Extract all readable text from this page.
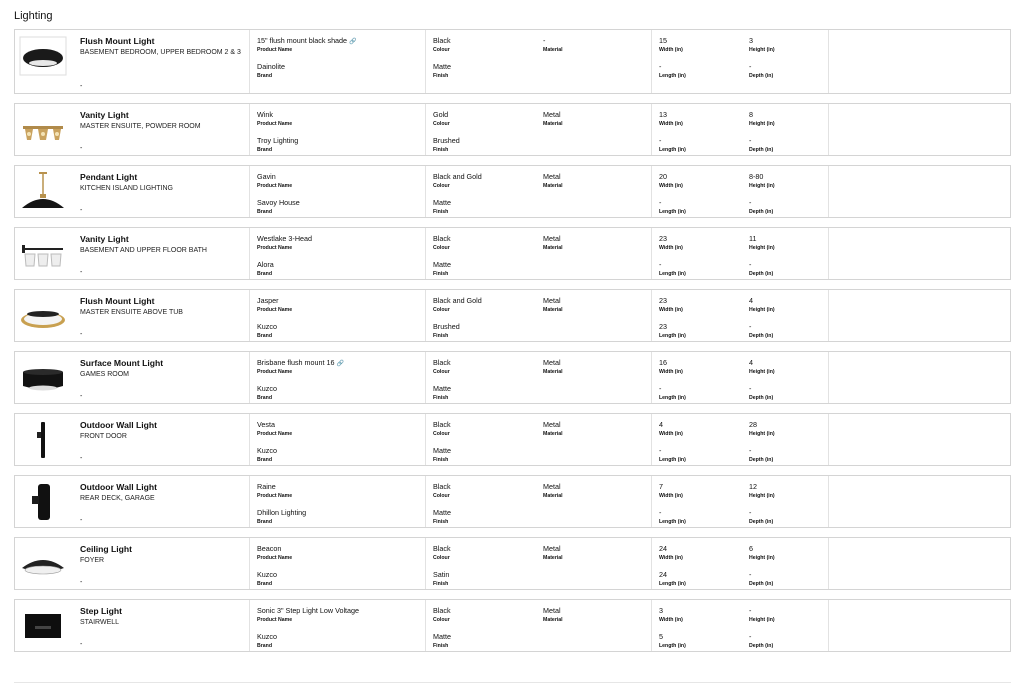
Lighting
Flush Mount Light
BASEMENT BEDROOM, UPPER BEDROOM 2 & 3
-
15" flush mount black shade 🔗
Product Name
Dainolite
Brand
Black
Colour
Matte
Finish
-
Material
15
Width (in)
-
Length (in)
3
Height (in)
-
Depth (in)
Vanity Light
MASTER ENSUITE, POWDER ROOM
-
Wink
Product Name
Troy Lighting
Brand
Gold
Colour
Brushed
Finish
Metal
Material
13
Width (in)
-
Length (in)
8
Height (in)
-
Depth (in)
Pendant Light
KITCHEN ISLAND LIGHTING
-
Gavin
Product Name
Savoy House
Brand
Black and Gold
Colour
Matte
Finish
Metal
Material
20
Width (in)
-
Length (in)
8-80
Height (in)
-
Depth (in)
Vanity Light
BASEMENT AND UPPER FLOOR BATH
-
Westlake 3-Head
Product Name
Alora
Brand
Black
Colour
Matte
Finish
Metal
Material
23
Width (in)
-
Length (in)
11
Height (in)
-
Depth (in)
Flush Mount Light
MASTER ENSUITE ABOVE TUB
-
Jasper
Product Name
Kuzco
Brand
Black and Gold
Colour
Brushed
Finish
Metal
Material
23
Width (in)
23
Length (in)
4
Height (in)
-
Depth (in)
Surface Mount Light
GAMES ROOM
-
Brisbane flush mount 16 🔗
Product Name
Kuzco
Brand
Black
Colour
Matte
Finish
Metal
Material
16
Width (in)
-
Length (in)
4
Height (in)
-
Depth (in)
Outdoor Wall Light
FRONT DOOR
-
Vesta
Product Name
Kuzco
Brand
Black
Colour
Matte
Finish
Metal
Material
4
Width (in)
-
Length (in)
28
Height (in)
-
Depth (in)
Outdoor Wall Light
REAR DECK, GARAGE
-
Raine
Product Name
Dhillon Lighting
Brand
Black
Colour
Matte
Finish
Metal
Material
7
Width (in)
-
Length (in)
12
Height (in)
-
Depth (in)
Ceiling Light
FOYER
-
Beacon
Product Name
Kuzco
Brand
Black
Colour
Satin
Finish
Metal
Material
24
Width (in)
24
Length (in)
6
Height (in)
-
Depth (in)
Step Light
STAIRWELL
-
Sonic 3" Step Light Low Voltage
Product Name
Kuzco
Brand
Black
Colour
Matte
Finish
Metal
Material
3
Width (in)
5
Length (in)
-
Height (in)
-
Depth (in)
